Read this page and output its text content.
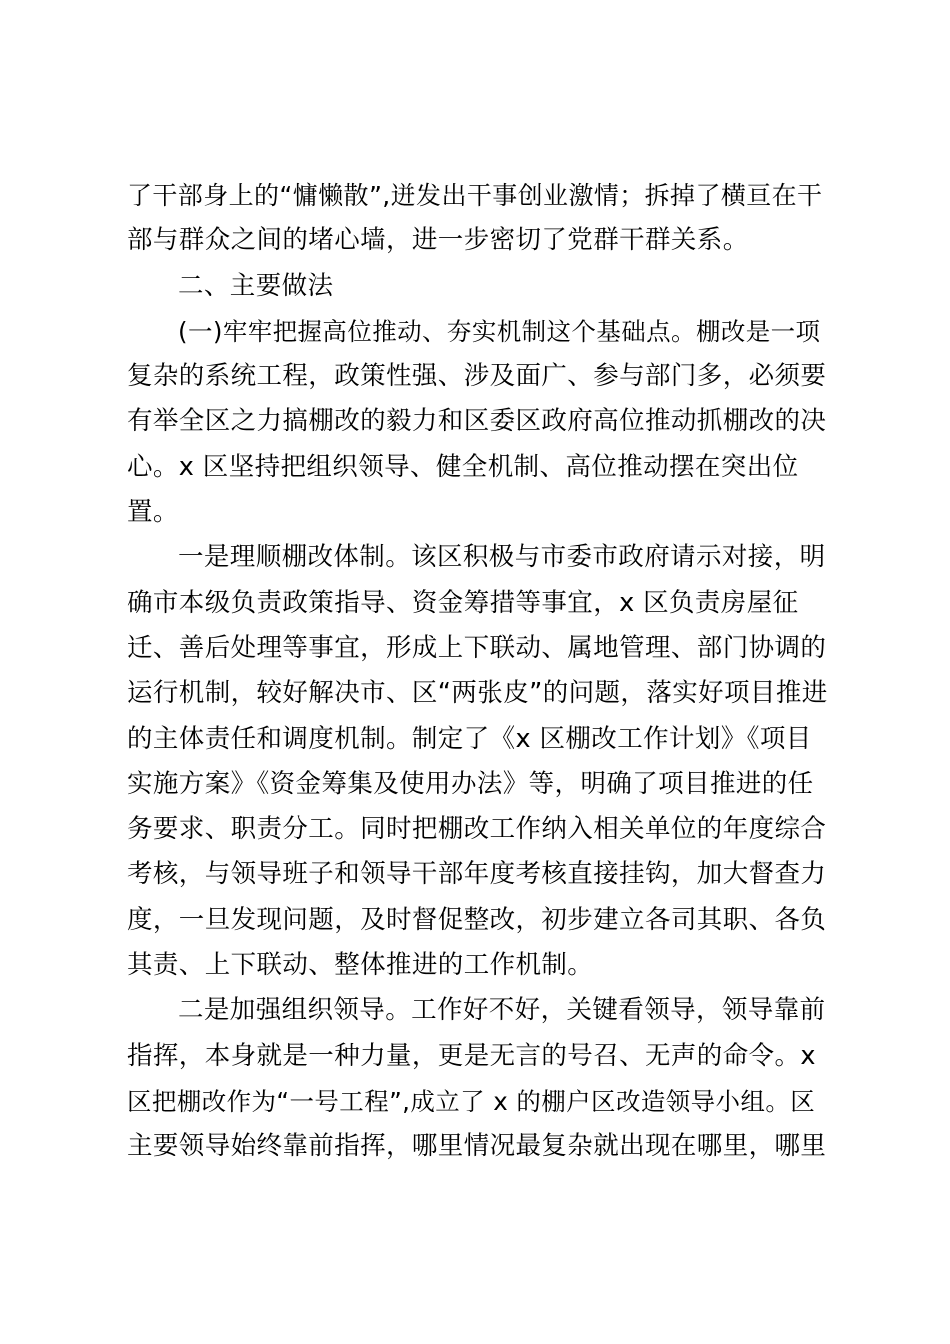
了干部身上的“慵懒散”,迸发出干事创业激情；拆掉了横亘在干
部与群众之间的堵心墙，进一步密切了党群干群关系。
二、主要做法
(一)牢牢把握高位推动、夯实机制这个基础点。棚改是一项
复杂的系统工程，政策性强、涉及面广、参与部门多，必须要
有举全区之力搞棚改的毅力和区委区政府高位推动抓棚改的决
心。x 区坚持把组织领导、健全机制、高位推动摆在突出位
置。
一是理顺棚改体制。该区积极与市委市政府请示对接，明
确市本级负责政策指导、资金筹措等事宜，x 区负责房屋征
迁、善后处理等事宜，形成上下联动、属地管理、部门协调的
运行机制，较好解决市、区“两张皮”的问题，落实好项目推进
的主体责任和调度机制。制定了《x 区棚改工作计划》《项目
实施方案》《资金筹集及使用办法》等，明确了项目推进的任
务要求、职责分工。同时把棚改工作纳入相关单位的年度综合
考核，与领导班子和领导干部年度考核直接挂钩，加大督查力
度，一旦发现问题，及时督促整改，初步建立各司其职、各负
其责、上下联动、整体推进的工作机制。
二是加强组织领导。工作好不好，关键看领导，领导靠前
指挥，本身就是一种力量，更是无言的号召、无声的命令。x
区把棚改作为“一号工程”,成立了 x 的棚户区改造领导小组。区
主要领导始终靠前指挥，哪里情况最复杂就出现在哪里，哪里
